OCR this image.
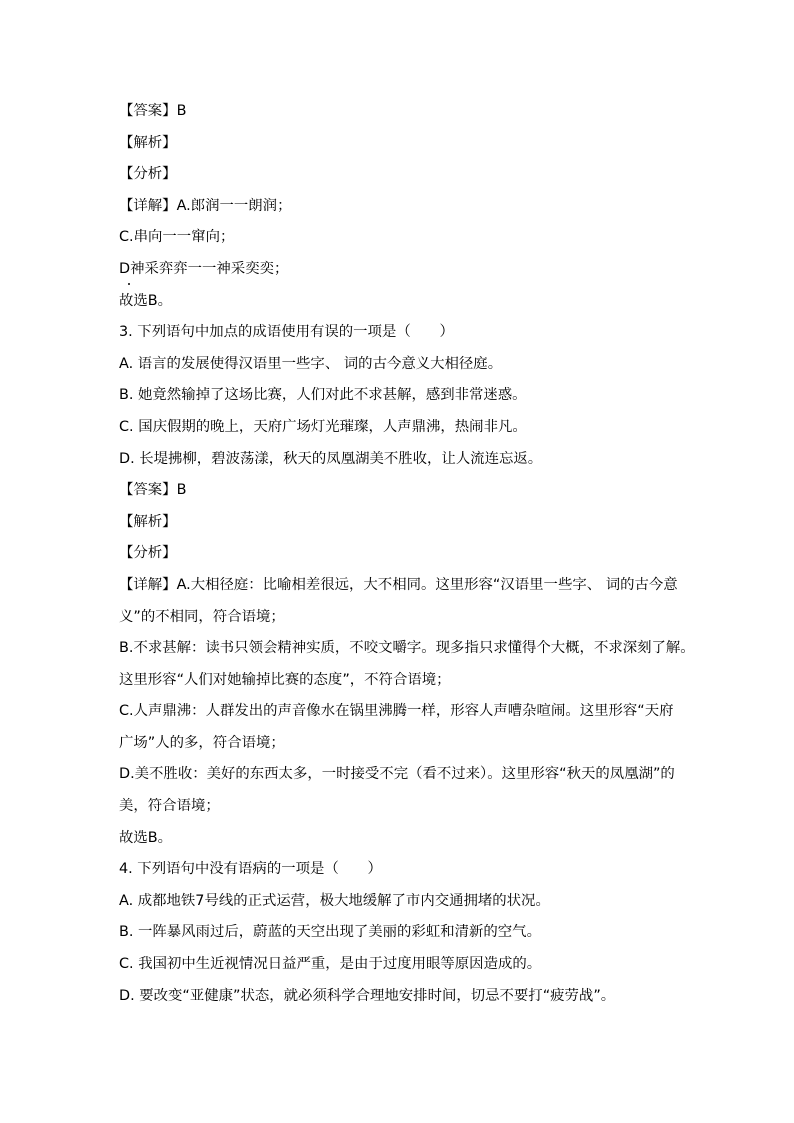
【答案】B
【解析】
【分析】
【详解】A.郎润一一朗润；
C.串向一一窜向；
D神采弈弈一一神采奕奕；
故选B。
3. 下列语句中加点的成语使用有误的一项是（　　）
A. 语言的发展使得汉语里一些字、 词的古今意义大相径庭。
B. 她竟然输掉了这场比赛，人们对此不求甚解，感到非常迷惑。
C. 国庆假期的晚上，天府广场灯光璀璨，人声鼎沸，热闹非凡。
D. 长堤拂柳，碧波荡漾，秋天的凤凰湖美不胜收，让人流连忘返。
【答案】B
【解析】
【分析】
【详解】A.大相径庭：比喻相差很远，大不相同。这里形容“汉语里一些字、 词的古今意
义”的不相同，符合语境；
B.不求甚解：读书只领会精神实质，不咬文嚼字。现多指只求懂得个大概，不求深刻了解。
这里形容“人们对她输掉比赛的态度”，不符合语境；
C.人声鼎沸：人群发出的声音像水在锅里沸腾一样，形容人声嘈杂喧闹。这里形容“天府
广场”人的多，符合语境；
D.美不胜收：美好的东西太多，一时接受不完（看不过来）。这里形容“秋天的凤凰湖”的
美，符合语境；
故选B。
4. 下列语句中没有语病的一项是（　　）
A. 成都地铁7号线的正式运营，极大地缓解了市内交通拥堵的状况。
B. 一阵暴风雨过后，蔚蓝的天空出现了美丽的彩虹和清新的空气。
C. 我国初中生近视情况日益严重，是由于过度用眼等原因造成的。
D. 要改变“亚健康”状态，就必须科学合理地安排时间，切忌不要打“疲劳战”。
